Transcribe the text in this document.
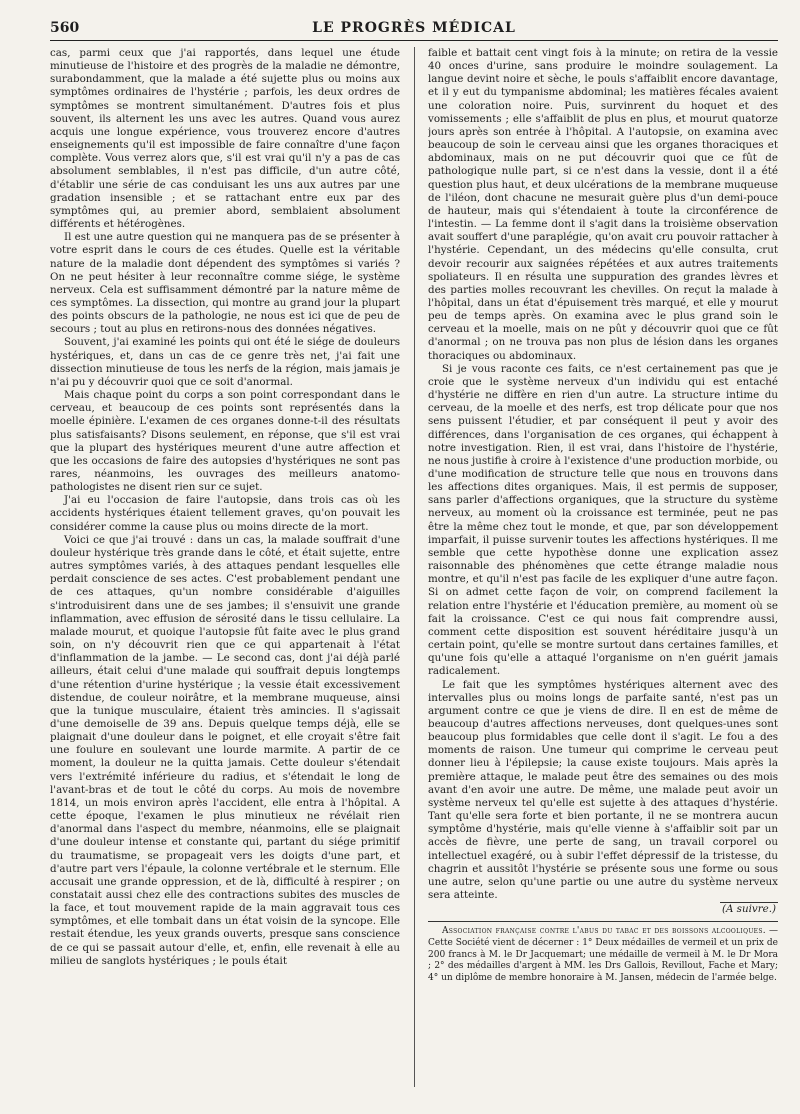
560	LE PROGRÈS MÉDICAL

cas, parmi ceux que j'ai rapportés, dans lequel une étude minutieuse de l'histoire et des progrès de la maladie ne démontre, surabondamment, que la malade a été sujette plus ou moins aux symptômes ordinaires de l'hystérie ; parfois, les deux ordres de symptômes se montrent simultanément. D'autres fois et plus souvent, ils alternent les uns avec les autres. Quand vous aurez acquis une longue expérience, vous trouverez encore d'autres enseignements qu'il est impossible de faire connaître d'une façon complète. Vous verrez alors que, s'il est vrai qu'il n'y a pas de cas absolument semblables, il n'est pas difficile, d'un autre côté, d'établir une série de cas conduisant les uns aux autres par une gradation insensible ; et se rattachant entre eux par des symptômes qui, au premier abord, semblaient absolument différents et hétérogènes.

Il est une autre question qui ne manquera pas de se présenter à votre esprit dans le cours de ces études. Quelle est la véritable nature de la maladie dont dépendent des symptômes si variés ? On ne peut hésiter à leur reconnaître comme siége, le système nerveux. Cela est suffisamment démontré par la nature même de ces symptômes. La dissection, qui montre au grand jour la plupart des points obscurs de la pathologie, ne nous est ici que de peu de secours ; tout au plus en retirons-nous des données négatives.

Souvent, j'ai examiné les points qui ont été le siége de douleurs hystériques, et, dans un cas de ce genre très net, j'ai fait une dissection minutieuse de tous les nerfs de la région, mais jamais je n'ai pu y découvrir quoi que ce soit d'anormal.

Mais chaque point du corps a son point correspondant dans le cerveau, et beaucoup de ces points sont représentés dans la moelle épinière. L'examen de ces organes donne-t-il des résultats plus satisfaisants? Disons seulement, en réponse, que s'il est vrai que la plupart des hystériques meurent d'une autre affection et que les occasions de faire des autopsies d'hystériques ne sont pas rares, néanmoins, les ouvrages des meilleurs anatomo-pathologistes ne disent rien sur ce sujet.

J'ai eu l'occasion de faire l'autopsie, dans trois cas où les accidents hystériques étaient tellement graves, qu'on pouvait les considérer comme la cause plus ou moins directe de la mort.

Voici ce que j'ai trouvé : dans un cas, la malade souffrait d'une douleur hystérique très grande dans le côté, et était sujette, entre autres symptômes variés, à des attaques pendant lesquelles elle perdait conscience de ses actes. C'est probablement pendant une de ces attaques, qu'un nombre considérable d'aiguilles s'introduisirent dans une de ses jambes; il s'ensuivit une grande inflammation, avec effusion de sérosité dans le tissu cellulaire. La malade mourut, et quoique l'autopsie fût faite avec le plus grand soin, on n'y découvrit rien que ce qui appartenait à l'état d'inflammation de la jambe. — Le second cas, dont j'ai déjà parlé ailleurs, était celui d'une malade qui souffrait depuis longtemps d'une rétention d'urine hystérique ; la vessie était excessivement distendue, de couleur noirâtre, et la membrane muqueuse, ainsi que la tunique musculaire, étaient très amincies. Il s'agissait d'une demoiselle de 39 ans. Depuis quelque temps déjà, elle se plaignait d'une douleur dans le poignet, et elle croyait s'être fait une foulure en soulevant une lourde marmite. A partir de ce moment, la douleur ne la quitta jamais. Cette douleur s'étendait vers l'extrémité inférieure du radius, et s'étendait le long de l'avant-bras et de tout le côté du corps. Au mois de novembre 1814, un mois environ après l'accident, elle entra à l'hôpital. A cette époque, l'examen le plus minutieux ne révélait rien d'anormal dans l'aspect du membre, néanmoins, elle se plaignait d'une douleur intense et constante qui, partant du siége primitif du traumatisme, se propageait vers les doigts d'une part, et d'autre part vers l'épaule, la colonne vertébrale et le sternum. Elle accusait une grande oppression, et de là, difficulté à respirer ; on constatait aussi chez elle des contractions subites des muscles de la face, et tout mouvement rapide de la main aggravait tous ces symptômes, et elle tombait dans un état voisin de la syncope. Elle restait étendue, les yeux grands ouverts, presque sans conscience de ce qui se passait autour d'elle, et, enfin, elle revenait à elle au milieu de sanglots hystériques ; le pouls était

faible et battait cent vingt fois à la minute; on retira de la vessie 40 onces d'urine, sans produire le moindre soulagement. La langue devint noire et sèche, le pouls s'affaiblit encore davantage, et il y eut du tympanisme abdominal; les matières fécales avaient une coloration noire. Puis, survinrent du hoquet et des vomissements ; elle s'affaiblit de plus en plus, et mourut quatorze jours après son entrée à l'hôpital. A l'autopsie, on examina avec beaucoup de soin le cerveau ainsi que les organes thoraciques et abdominaux, mais on ne put découvrir quoi que ce fût de pathologique nulle part, si ce n'est dans la vessie, dont il a été question plus haut, et deux ulcérations de la membrane muqueuse de l'iléon, dont chacune ne mesurait guère plus d'un demi-pouce de hauteur, mais qui s'étendaient à toute la circonférence de l'intestin. — La femme dont il s'agit dans la troisième observation avait souffert d'une paraplégie, qu'on avait cru pouvoir rattacher à l'hystérie. Cependant, un des médecins qu'elle consulta, crut devoir recourir aux saignées répétées et aux autres traitements spoliateurs. Il en résulta une suppuration des grandes lèvres et des parties molles recouvrant les chevilles. On reçut la malade à l'hôpital, dans un état d'épuisement très marqué, et elle y mourut peu de temps après. On examina avec le plus grand soin le cerveau et la moelle, mais on ne pût y découvrir quoi que ce fût d'anormal ; on ne trouva pas non plus de lésion dans les organes thoraciques ou abdominaux.

Si je vous raconte ces faits, ce n'est certainement pas que je croie que le système nerveux d'un individu qui est entaché d'hystérie ne diffère en rien d'un autre. La structure intime du cerveau, de la moelle et des nerfs, est trop délicate pour que nos sens puissent l'étudier, et par conséquent il peut y avoir des différences, dans l'organisation de ces organes, qui échappent à notre investigation. Rien, il est vrai, dans l'histoire de l'hystérie, ne nous justifie à croire à l'existence d'une production morbide, ou d'une modification de structure telle que nous en trouvons dans les affections dites organiques. Mais, il est permis de supposer, sans parler d'affections organiques, que la structure du système nerveux, au moment où la croissance est terminée, peut ne pas être la même chez tout le monde, et que, par son développement imparfait, il puisse survenir toutes les affections hystériques. Il me semble que cette hypothèse donne une explication assez raisonnable des phénomènes que cette étrange maladie nous montre, et qu'il n'est pas facile de les expliquer d'une autre façon. Si on admet cette façon de voir, on comprend facilement la relation entre l'hystérie et l'éducation première, au moment où se fait la croissance. C'est ce qui nous fait comprendre aussi, comment cette disposition est souvent héréditaire jusqu'à un certain point, qu'elle se montre surtout dans certaines familles, et qu'une fois qu'elle a attaqué l'organisme on n'en guérit jamais radicalement.

Le fait que les symptômes hystériques alternent avec des intervalles plus ou moins longs de parfaite santé, n'est pas un argument contre ce que je viens de dire. Il en est de même de beaucoup d'autres affections nerveuses, dont quelques-unes sont beaucoup plus formidables que celle dont il s'agit. Le fou a des moments de raison. Une tumeur qui comprime le cerveau peut donner lieu à l'épilepsie; la cause existe toujours. Mais après la première attaque, le malade peut être des semaines ou des mois avant d'en avoir une autre. De même, une malade peut avoir un système nerveux tel qu'elle est sujette à des attaques d'hystérie. Tant qu'elle sera forte et bien portante, il ne se montrera aucun symptôme d'hystérie, mais qu'elle vienne à s'affaiblir soit par un accès de fièvre, une perte de sang, un travail corporel ou intellectuel exagéré, ou à subir l'effet dépressif de la tristesse, du chagrin et aussitôt l'hystérie se présente sous une forme ou sous une autre, selon qu'une partie ou une autre du système nerveux sera atteinte.

(A suivre.)
Association française contre l'abus du tabac et des boissons alcooliques. — Cette Société vient de décerner : 1° Deux médailles de vermeil et un prix de 200 francs à M. le Dr Jacquemart; une médaille de vermeil à M. le Dr Mora ; 2° des médailles d'argent à MM. les Drs Gallois, Revillout, Fache et Mary; 4° un diplôme de membre honoraire à M. Jansen, médecin de l'armée belge.
